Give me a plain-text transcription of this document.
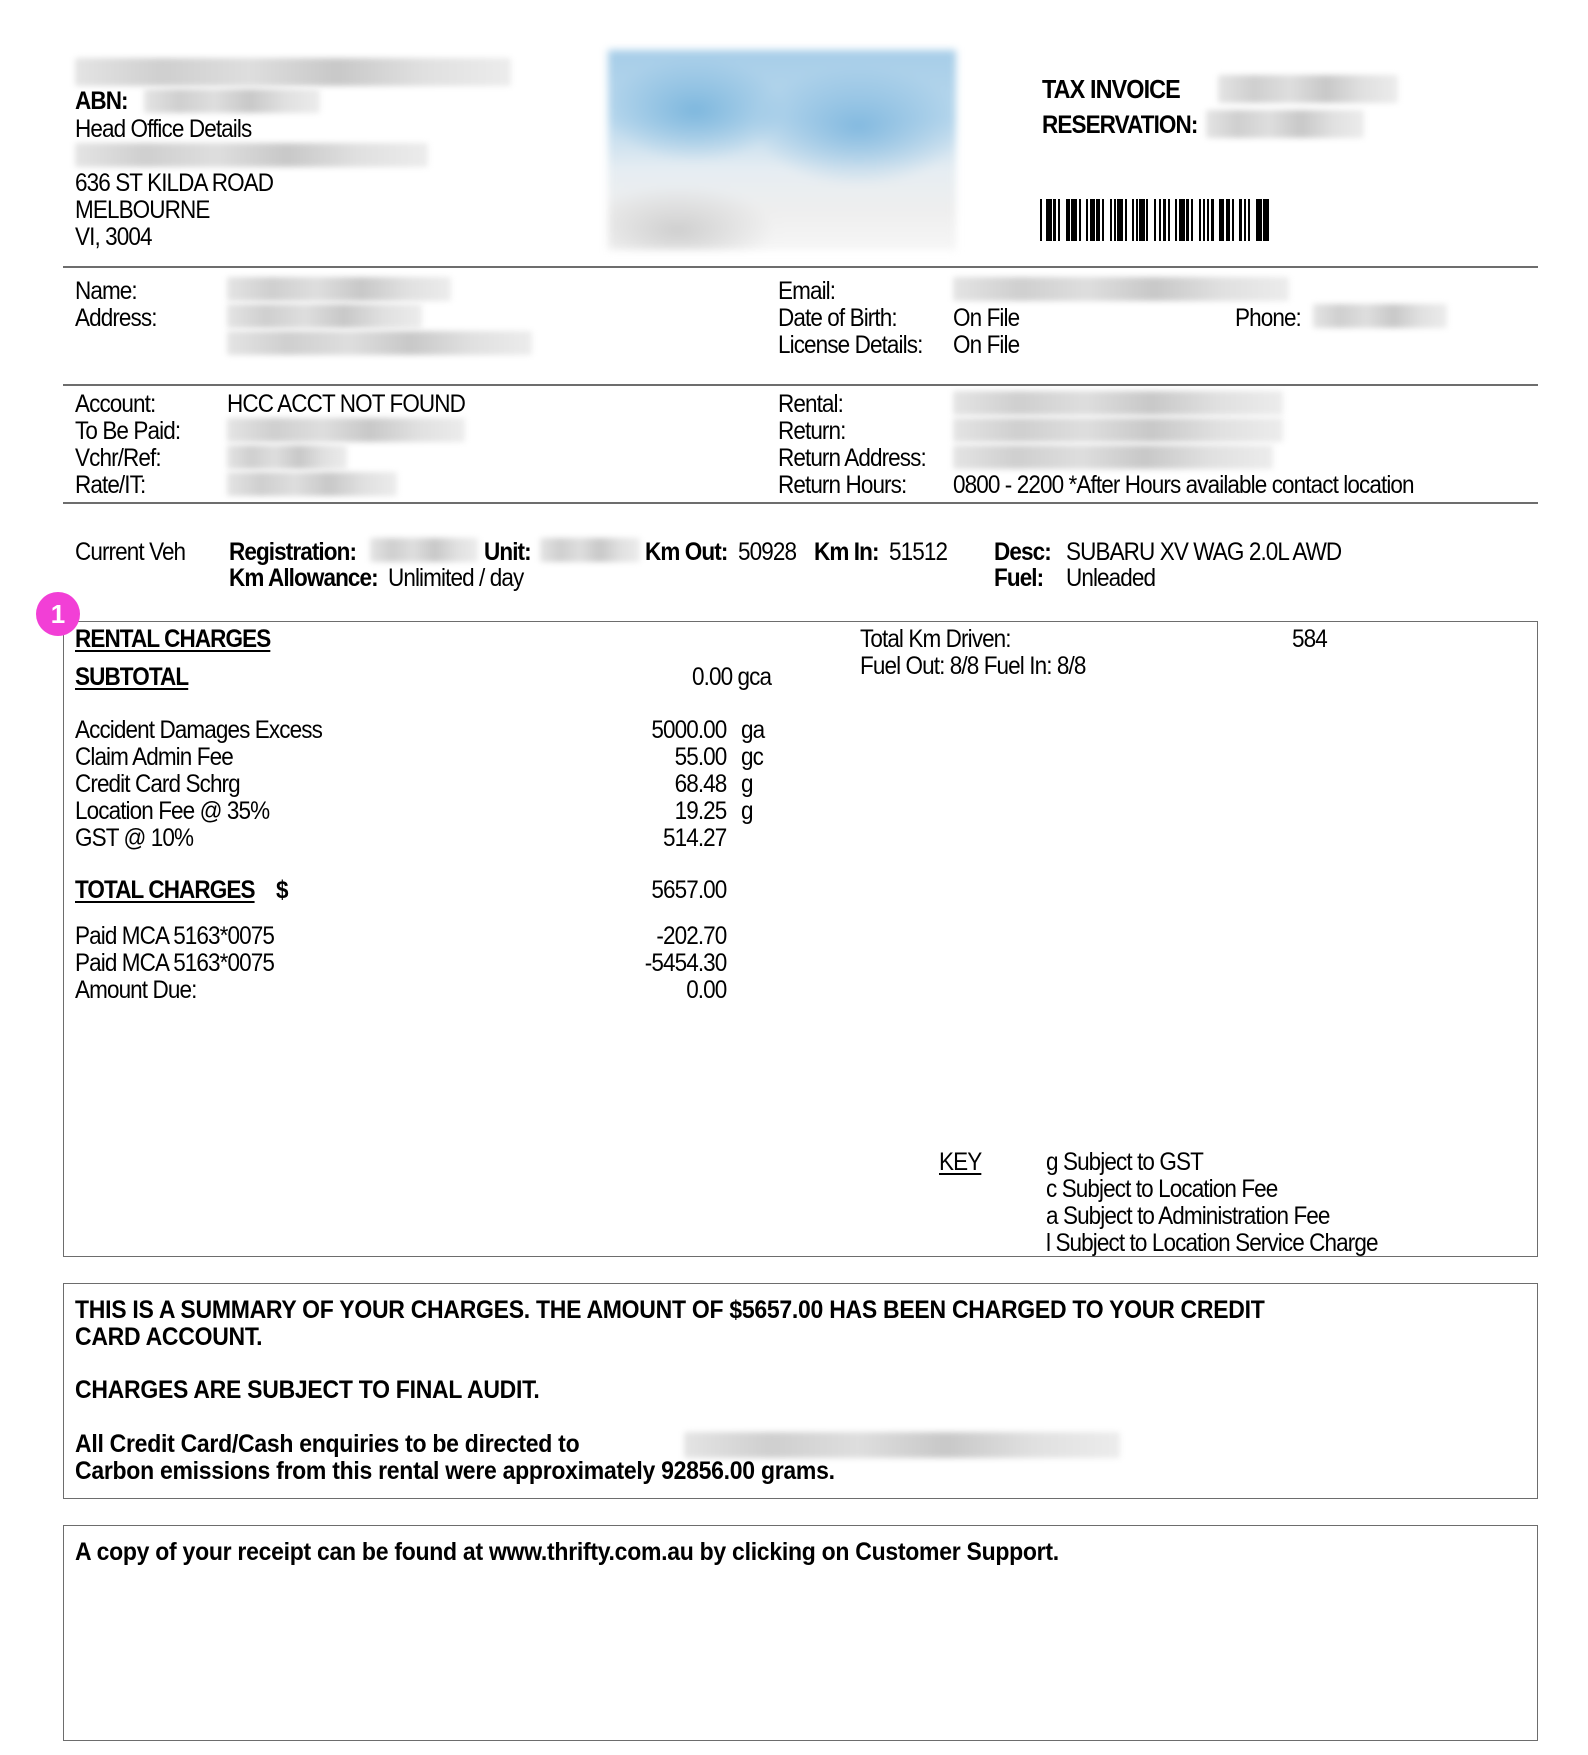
ABN:
Head Office Details
636 ST KILDA ROAD
MELBOURNE
VI, 3004
TAX INVOICE
RESERVATION:
Name:
Address:
Email:
Date of Birth: On File	Phone:
License Details: On File
Account:	HCC ACCT NOT FOUND
To Be Paid:
Vchr/Ref:
Rate/IT:
Rental:
Return:
Return Address:
Return Hours: 0800 - 2200 *After Hours available contact location
Current Veh Registration:	Unit:	Km Out: 50928 Km In: 51512 Desc: SUBARU XV WAG 2.0L AWD
Km Allowance: Unlimited / day	Fuel: Unleaded
1
RENTAL CHARGES
SUBTOTAL	0.00 gca
Total Km Driven:	584
Fuel Out: 8/8 Fuel In: 8/8
Accident Damages Excess	5000.00 ga
Claim Admin Fee	55.00 gc
Credit Card Schrg	68.48 g
Location Fee @ 35%	19.25 g
GST @ 10%	514.27
TOTAL CHARGES $	5657.00
Paid MCA 5163*0075	-202.70
Paid MCA 5163*0075	-5454.30
Amount Due:	0.00
KEY	g Subject to GST
c Subject to Location Fee
a Subject to Administration Fee
l Subject to Location Service Charge
THIS IS A SUMMARY OF YOUR CHARGES. THE AMOUNT OF $5657.00 HAS BEEN CHARGED TO YOUR CREDIT
CARD ACCOUNT.
CHARGES ARE SUBJECT TO FINAL AUDIT.
All Credit Card/Cash enquiries to be directed to
Carbon emissions from this rental were approximately 92856.00 grams.
A copy of your receipt can be found at www.thrifty.com.au by clicking on Customer Support.
